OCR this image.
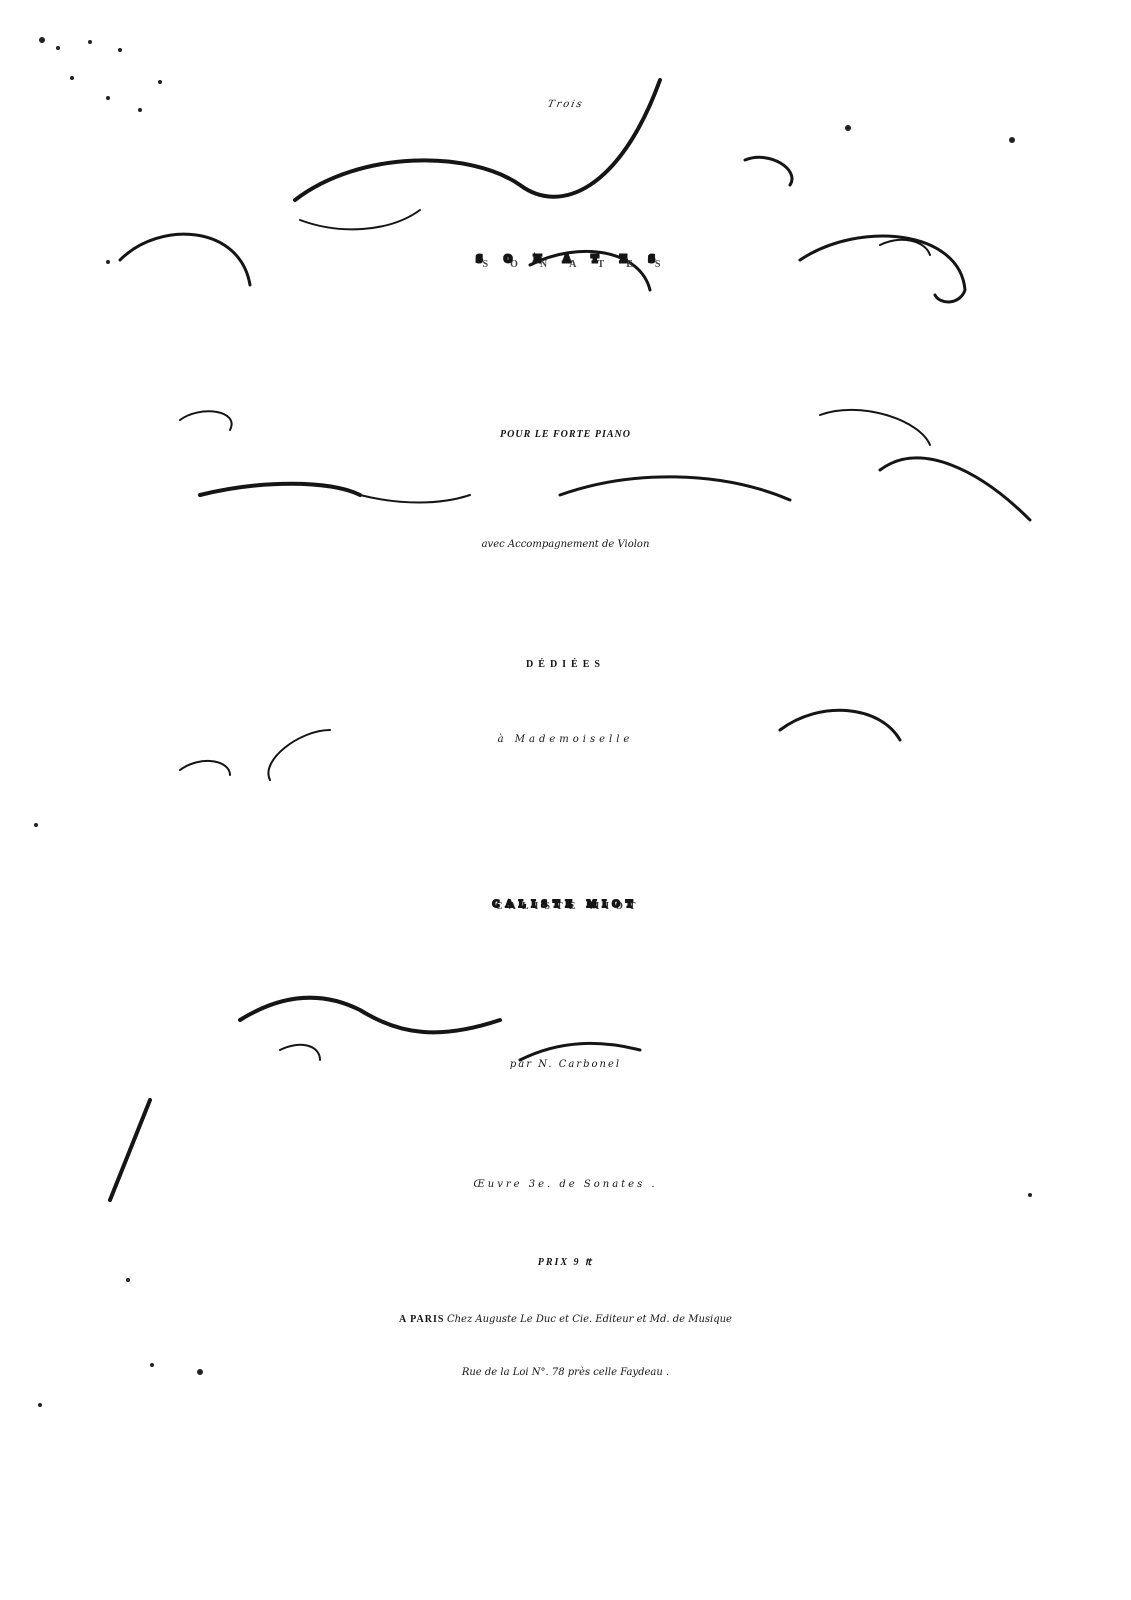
Trois
SONATES
POUR LE FORTE PIANO
avec Accompagnement de Violon
DÉDIÉES
à Mademoiselle
CALISTE MIOT
par N. Carbonel
Œuvre 3e. de Sonates .
PRIX 9 ₶
A PARIS Chez Auguste Le Duc et Cie. Editeur et Md. de Musique
Rue de la Loi N°. 78 près celle Faydeau .
